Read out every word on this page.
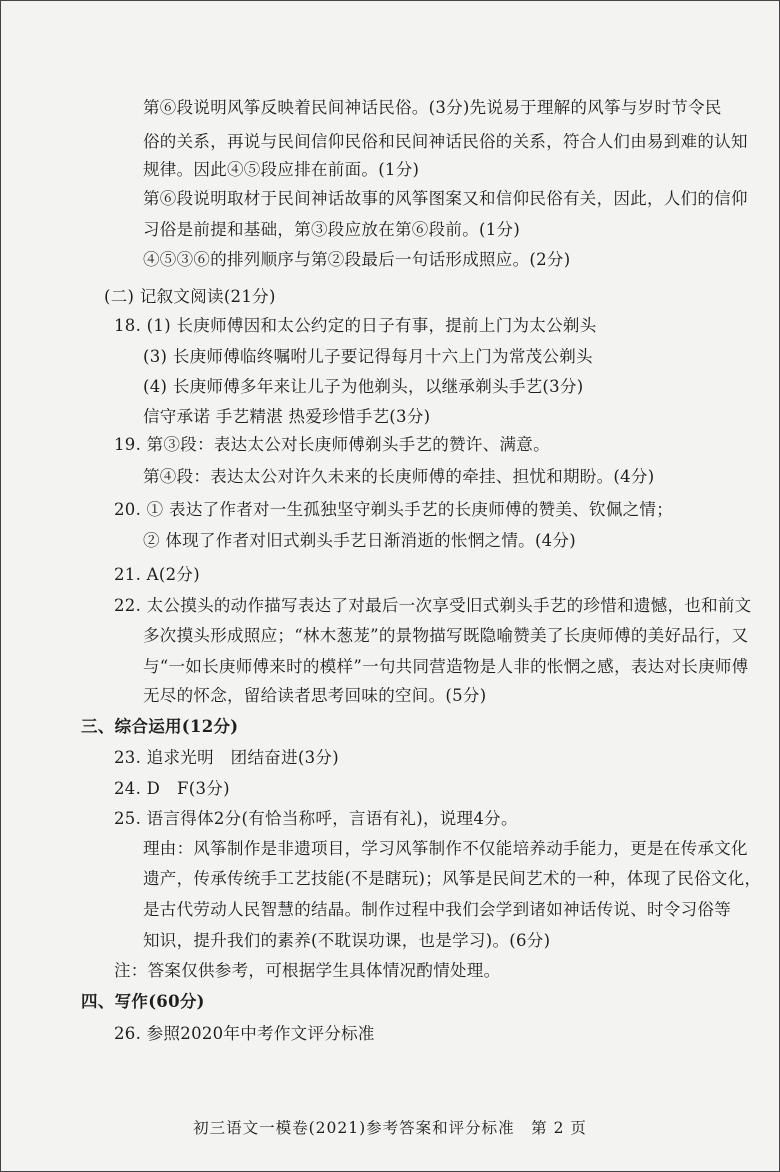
第⑥段说明风筝反映着民间神话民俗。(3分)先说易于理解的风筝与岁时节令民
俗的关系，再说与民间信仰民俗和民间神话民俗的关系，符合人们由易到难的认知
规律。因此④⑤段应排在前面。(1分)
第⑥段说明取材于民间神话故事的风筝图案又和信仰民俗有关，因此，人们的信仰
习俗是前提和基础，第③段应放在第⑥段前。(1分)
④⑤③⑥的排列顺序与第②段最后一句话形成照应。(2分)
(二) 记叙文阅读(21分)
18. (1) 长庚师傅因和太公约定的日子有事，提前上门为太公剃头
(3) 长庚师傅临终嘱咐儿子要记得每月十六上门为常茂公剃头
(4) 长庚师傅多年来让儿子为他剃头，以继承剃头手艺(3分)
信守承诺 手艺精湛 热爱珍惜手艺(3分)
19. 第③段：表达太公对长庚师傅剃头手艺的赞许、满意。
第④段：表达太公对许久未来的长庚师傅的牵挂、担忧和期盼。(4分)
20. ① 表达了作者对一生孤独坚守剃头手艺的长庚师傅的赞美、钦佩之情；
② 体现了作者对旧式剃头手艺日渐消逝的怅惘之情。(4分)
21. A(2分)
22. 太公摸头的动作描写表达了对最后一次享受旧式剃头手艺的珍惜和遗憾，也和前文
多次摸头形成照应；“林木葱茏”的景物描写既隐喻赞美了长庚师傅的美好品行，又
与“一如长庚师傅来时的模样”一句共同营造物是人非的怅惘之感，表达对长庚师傅
无尽的怀念，留给读者思考回味的空间。(5分)
三、综合运用(12分)
23. 追求光明　团结奋进(3分)
24. D　F(3分)
25. 语言得体2分(有恰当称呼，言语有礼)，说理4分。
理由：风筝制作是非遗项目，学习风筝制作不仅能培养动手能力，更是在传承文化
遗产，传承传统手工艺技能(不是瞎玩)；风筝是民间艺术的一种，体现了民俗文化，
是古代劳动人民智慧的结晶。制作过程中我们会学到诸如神话传说、时令习俗等
知识，提升我们的素养(不耽误功课，也是学习)。(6分)
注：答案仅供参考，可根据学生具体情况酌情处理。
四、写作(60分)
26. 参照2020年中考作文评分标准
初三语文一模卷(2021)参考答案和评分标准　第 2 页
